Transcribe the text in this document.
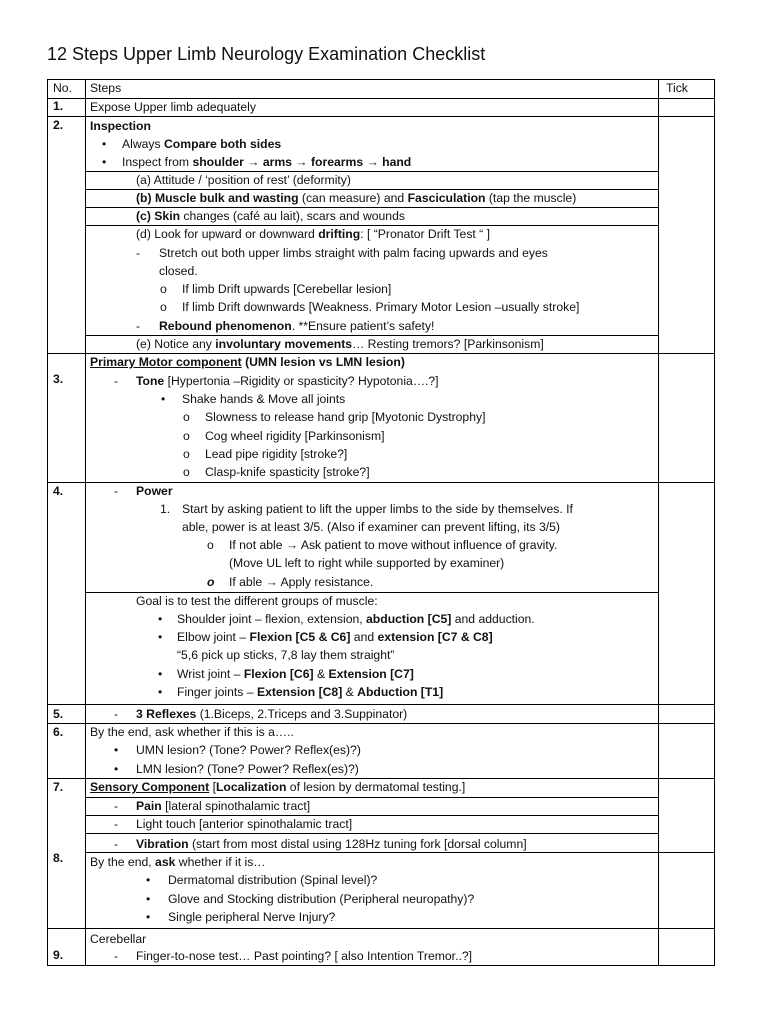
12 Steps Upper Limb Neurology Examination Checklist
No. Steps	Tick
1.
2.
3.
4.
5.
6.
7.
8.
9.
Expose Upper limb adequately
Inspection
• Always Compare both sides
• Inspect from shoulder → arms → forearms → hand
(a) Attitude / ‘position of rest’ (deformity)
(b) Muscle bulk and wasting (can measure) and Fasciculation (tap the muscle)
(c) Skin changes (café au lait), scars and wounds
(d) Look for upward or downward drifting: [ “Pronator Drift Test “ ]
- Stretch out both upper limbs straight with palm facing upwards and eyes
closed.
o If limb Drift upwards [Cerebellar lesion]
o If limb Drift downwards [Weakness. Primary Motor Lesion –usually stroke]
- Rebound phenomenon. **Ensure patient’s safety!
(e) Notice any involuntary movements… Resting tremors? [Parkinsonism]
Primary Motor component (UMN lesion vs LMN lesion)
- Tone [Hypertonia –Rigidity or spasticity? Hypotonia….?]
• Shake hands & Move all joints
o Slowness to release hand grip [Myotonic Dystrophy]
o Cog wheel rigidity [Parkinsonism]
o Lead pipe rigidity [stroke?]
o Clasp-knife spasticity [stroke?]
- Power
1. Start by asking patient to lift the upper limbs to the side by themselves. If
able, power is at least 3/5. (Also if examiner can prevent lifting, its 3/5)
o If not able → Ask patient to move without influence of gravity.
(Move UL left to right while supported by examiner)
o If able → Apply resistance.
Goal is to test the different groups of muscle:
• Shoulder joint – flexion, extension, abduction [C5] and adduction.
• Elbow joint – Flexion [C5 & C6] and extension [C7 & C8]
“5,6 pick up sticks, 7,8 lay them straight”
• Wrist joint – Flexion [C6] & Extension [C7]
• Finger joints – Extension [C8] & Abduction [T1]
- 3 Reflexes (1.Biceps, 2.Triceps and 3.Suppinator)
By the end, ask whether if this is a…..
• UMN lesion? (Tone? Power? Reflex(es)?)
• LMN lesion? (Tone? Power? Reflex(es)?)
Sensory Component [Localization of lesion by dermatomal testing.]
- Pain [lateral spinothalamic tract]
- Light touch [anterior spinothalamic tract]
- Vibration (start from most distal using 128Hz tuning fork [dorsal column]
By the end, ask whether if it is…
• Dermatomal distribution (Spinal level)?
• Glove and Stocking distribution (Peripheral neuropathy)?
• Single peripheral Nerve Injury?
Cerebellar
- Finger-to-nose test… Past pointing? [ also Intention Tremor..?]
